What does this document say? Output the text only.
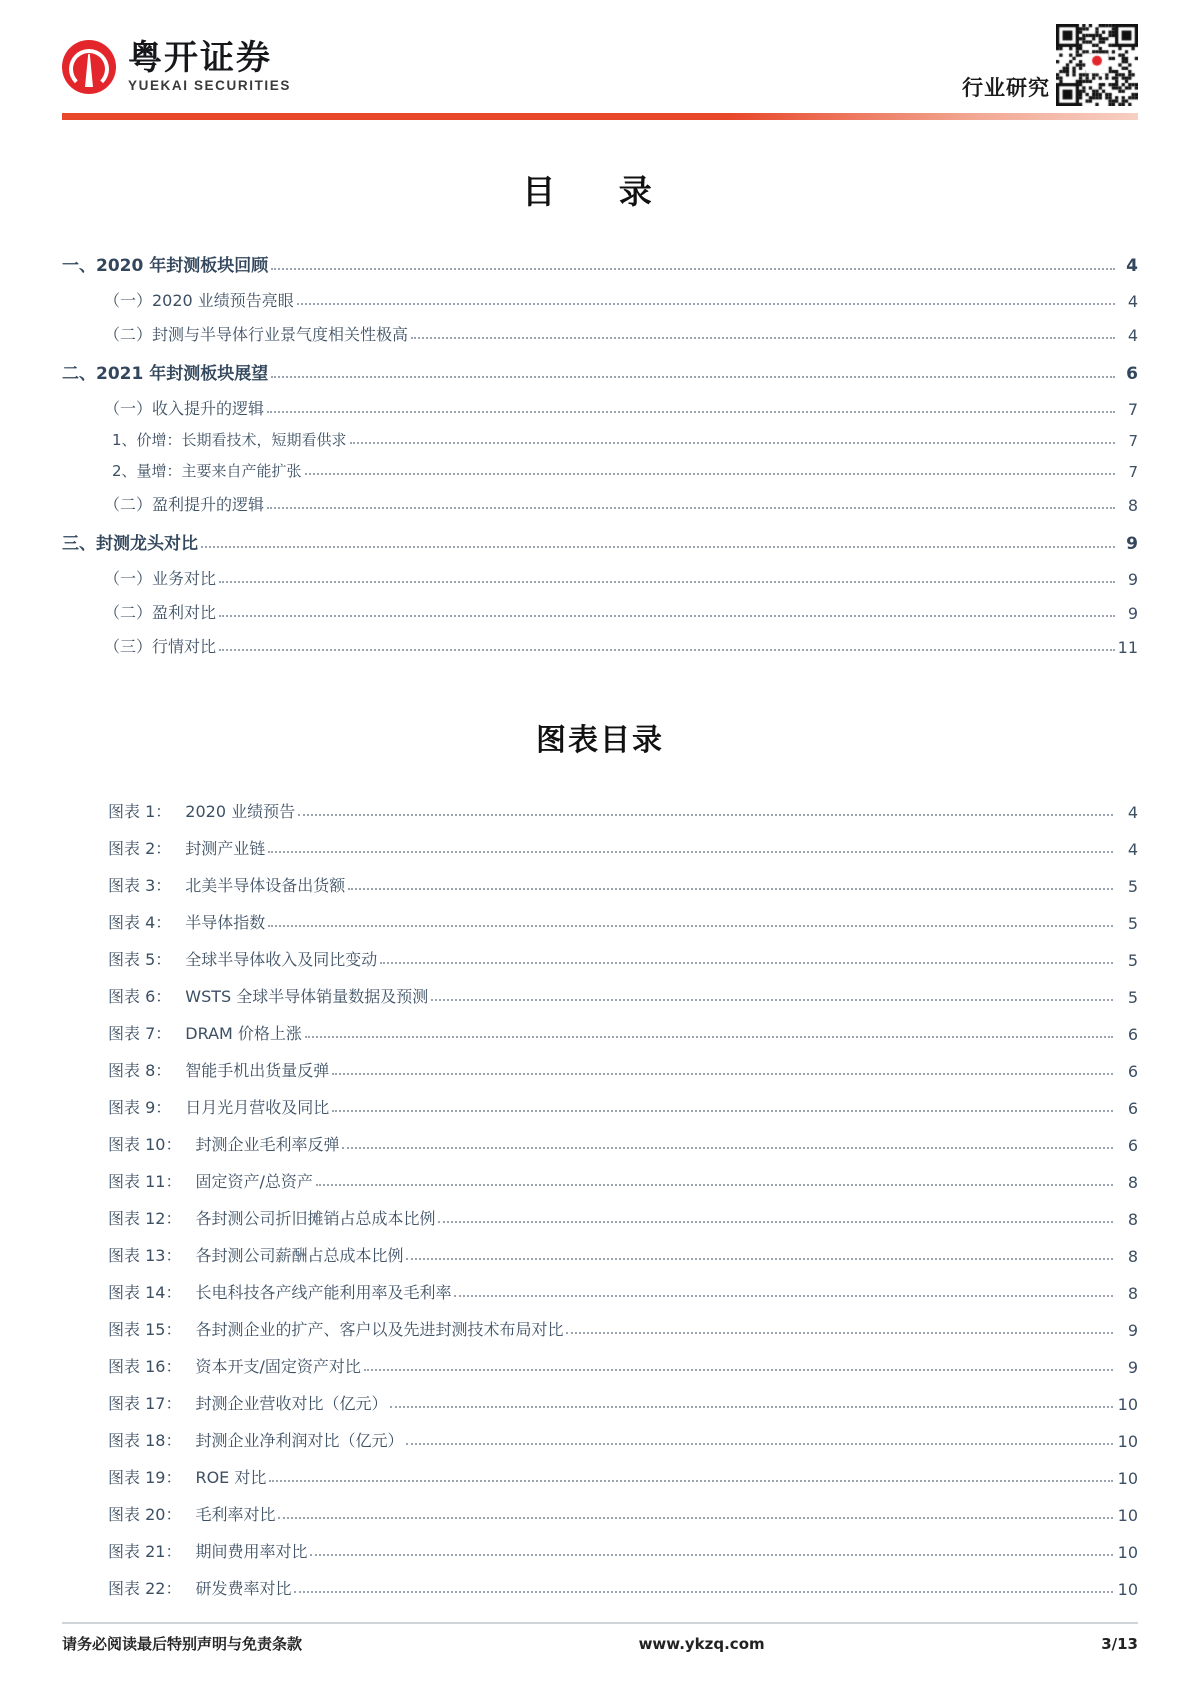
粤开证券
YUEKAI SECURITIES	行业研究
目 录
一、2020 年封测板块回顾	4
（一）2020 业绩预告亮眼	4
（二）封测与半导体行业景气度相关性极高	4
二、2021 年封测板块展望	6
（一）收入提升的逻辑	7
1、价增：长期看技术，短期看供求	7
2、量增：主要来自产能扩张	7
（二）盈利提升的逻辑	8
三、封测龙头对比	9
（一）业务对比	9
（二）盈利对比	9
（三）行情对比	11
图表目录
图表 1： 2020 业绩预告	4
图表 2： 封测产业链	4
图表 3： 北美半导体设备出货额	5
图表 4： 半导体指数	5
图表 5： 全球半导体收入及同比变动	5
图表 6： WSTS 全球半导体销量数据及预测	5
图表 7： DRAM 价格上涨	6
图表 8： 智能手机出货量反弹	6
图表 9： 日月光月营收及同比	6
图表 10： 封测企业毛利率反弹	6
图表 11： 固定资产/总资产	8
图表 12： 各封测公司折旧摊销占总成本比例	8
图表 13： 各封测公司薪酬占总成本比例	8
图表 14： 长电科技各产线产能利用率及毛利率	8
图表 15： 各封测企业的扩产、客户以及先进封测技术布局对比	9
图表 16： 资本开支/固定资产对比	9
图表 17： 封测企业营收对比（亿元）	10
图表 18： 封测企业净利润对比（亿元）	10
图表 19： ROE 对比	10
图表 20： 毛利率对比	10
图表 21： 期间费用率对比	10
图表 22： 研发费率对比	10
请务必阅读最后特别声明与免责条款	www.ykzq.com	3/13
